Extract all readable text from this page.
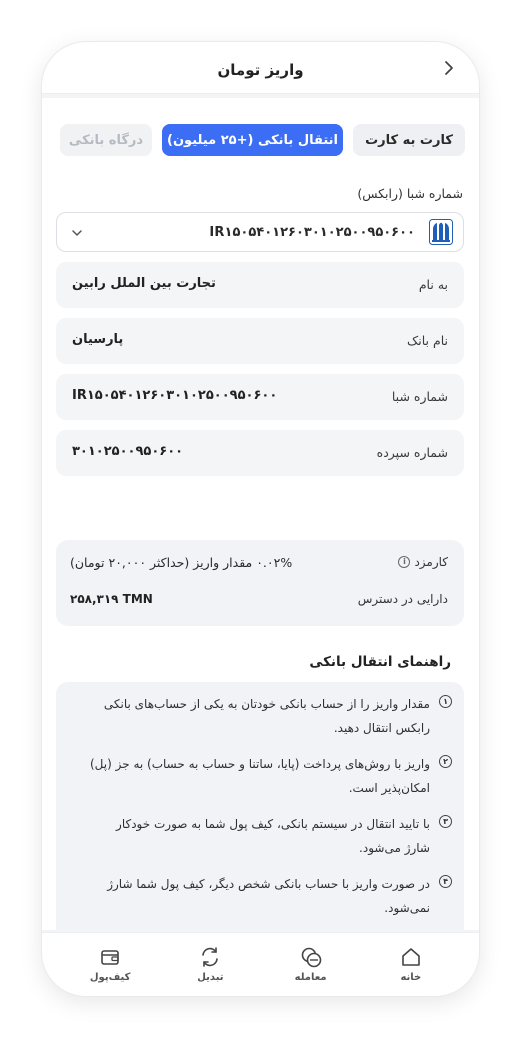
واریز تومان
کارت به کارت
انتقال بانکی (+۲۵ میلیون)
درگاه بانکی
شماره شبا (رابکس)
IR۱۵۰۵۴۰۱۲۶۰۳۰۱۰۲۵۰۰۹۵۰۶۰۰
به نام
تجارت بین الملل رابین
نام بانک
پارسیان
شماره شبا
IR۱۵۰۵۴۰۱۲۶۰۳۰۱۰۲۵۰۰۹۵۰۶۰۰
شماره سپرده
۳۰۱۰۲۵۰۰۹۵۰۶۰۰
کارمزد
i
۰.۰۲% مقدار واریز (حداکثر ۲۰,۰۰۰ تومان)
دارایی در دسترس
۲۵۸,۳۱۹ TMN
راهنمای انتقال بانکی
۱
مقدار واریز را از حساب بانکی خودتان به یکی از حساب‌های بانکی رابکس انتقال دهید.
۲
واریز با روش‌های پرداخت (پایا، ساتنا و حساب به حساب) به جز (پل) امکان‌پذیر است.
۳
با تایید انتقال در سیستم بانکی، کیف پول شما به صورت خودکار شارژ می‌شود.
۴
در صورت واریز با حساب بانکی شخص دیگر، کیف پول شما شارژ نمی‌شود.
خانه
معامله
تبدیل
کیف‌پول
